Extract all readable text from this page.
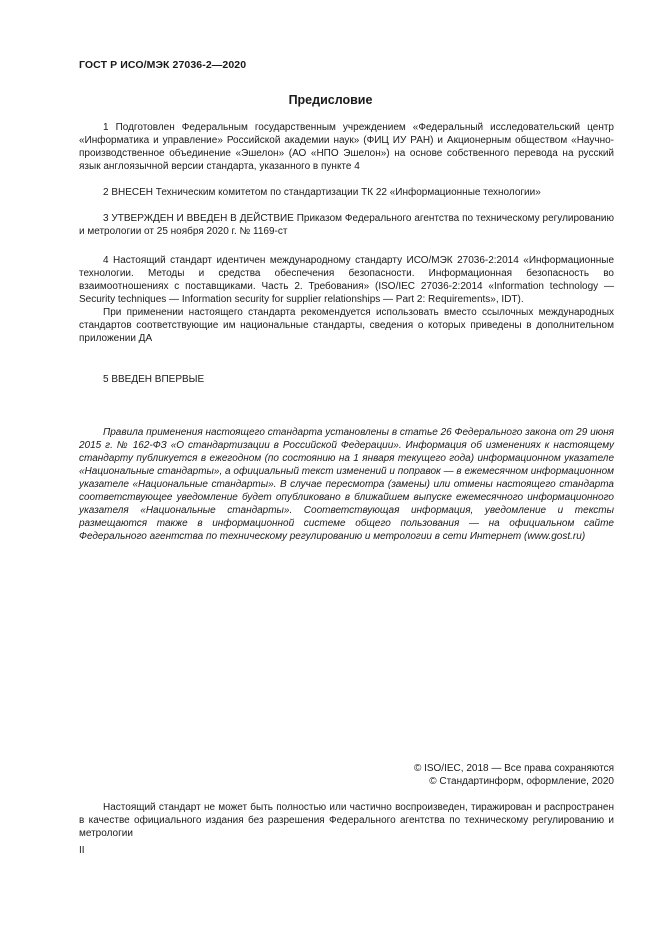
ГОСТ Р ИСО/МЭК 27036-2—2020
Предисловие

1 Подготовлен Федеральным государственным учреждением «Федеральный исследовательский центр «Информатика и управление» Российской академии наук» (ФИЦ ИУ РАН) и Акционерным обществом «Научно-производственное объединение «Эшелон» (АО «НПО Эшелон») на основе собственного перевода на русский язык англоязычной версии стандарта, указанного в пункте 4

2 ВНЕСЕН Техническим комитетом по стандартизации ТК 22 «Информационные технологии»

3 УТВЕРЖДЕН И ВВЕДЕН В ДЕЙСТВИЕ Приказом Федерального агентства по техническому регулированию и метрологии от 25 ноября 2020 г. № 1169-ст

4 Настоящий стандарт идентичен международному стандарту ИСО/МЭК 27036-2:2014 «Информационные технологии. Методы и средства обеспечения безопасности. Информационная безопасность во взаимоотношениях с поставщиками. Часть 2. Требования» (ISO/IEC 27036-2:2014 «Information technology — Security techniques — Information security for supplier relationships — Part 2: Requirements», IDT).

При применении настоящего стандарта рекомендуется использовать вместо ссылочных международных стандартов соответствующие им национальные стандарты, сведения о которых приведены в дополнительном приложении ДА

5 ВВЕДЕН ВПЕРВЫЕ

Правила применения настоящего стандарта установлены в статье 26 Федерального закона от 29 июня 2015 г. № 162-ФЗ «О стандартизации в Российской Федерации». Информация об изменениях к настоящему стандарту публикуется в ежегодном (по состоянию на 1 января текущего года) информационном указателе «Национальные стандарты», а официальный текст изменений и поправок — в ежемесячном информационном указателе «Национальные стандарты». В случае пересмотра (замены) или отмены настоящего стандарта соответствующее уведомление будет опубликовано в ближайшем выпуске ежемесячного информационного указателя «Национальные стандарты». Соответствующая информация, уведомление и тексты размещаются также в информационной системе общего пользования — на официальном сайте Федерального агентства по техническому регулированию и метрологии в сети Интернет (www.gost.ru)

© ISO/IEC, 2018 — Все права сохраняются
© Стандартинформ, оформление, 2020

Настоящий стандарт не может быть полностью или частично воспроизведен, тиражирован и распространен в качестве официального издания без разрешения Федерального агентства по техническому регулированию и метрологии

II
